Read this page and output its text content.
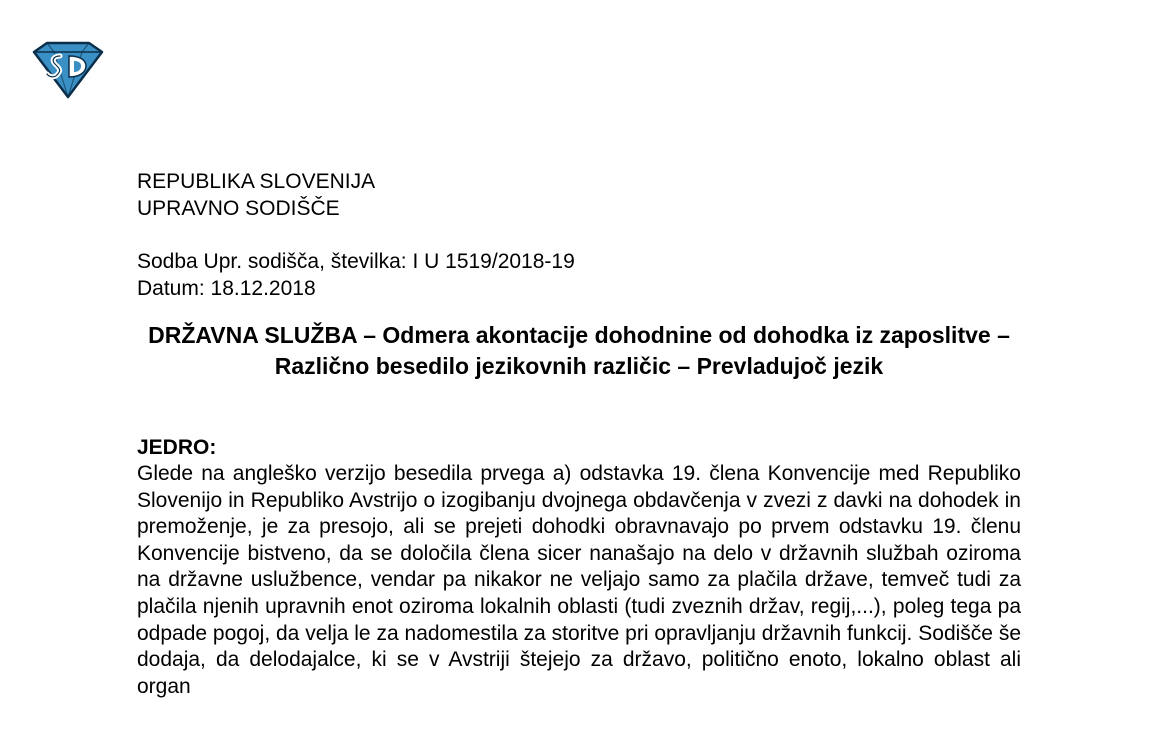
REPUBLIKA SLOVENIJA
UPRAVNO SODIŠČE
Sodba Upr. sodišča, številka: I U 1519/2018-19
Datum: 18.12.2018
DRŽAVNA SLUŽBA – Odmera akontacije dohodnine od dohodka iz zaposlitve – Različno besedilo jezikovnih različic – Prevladujoč jezik
JEDRO:
Glede na angleško verzijo besedila prvega a) odstavka 19. člena Konvencije med Republiko Slovenijo in Republiko Avstrijo o izogibanju dvojnega obdavčenja v zvezi z davki na dohodek in premoženje, je za presojo, ali se prejeti dohodki obravnavajo po prvem odstavku 19. členu Konvencije bistveno, da se določila člena sicer nanašajo na delo v državnih službah oziroma na državne uslužbence, vendar pa nikakor ne veljajo samo za plačila države, temveč tudi za plačila njenih upravnih enot oziroma lokalnih oblasti (tudi zveznih držav, regij,...), poleg tega pa odpade pogoj, da velja le za nadomestila za storitve pri opravljanju državnih funkcij. Sodišče še dodaja, da delodajalce, ki se v Avstriji štejejo za državo, politično enoto, lokalno oblast ali organ
